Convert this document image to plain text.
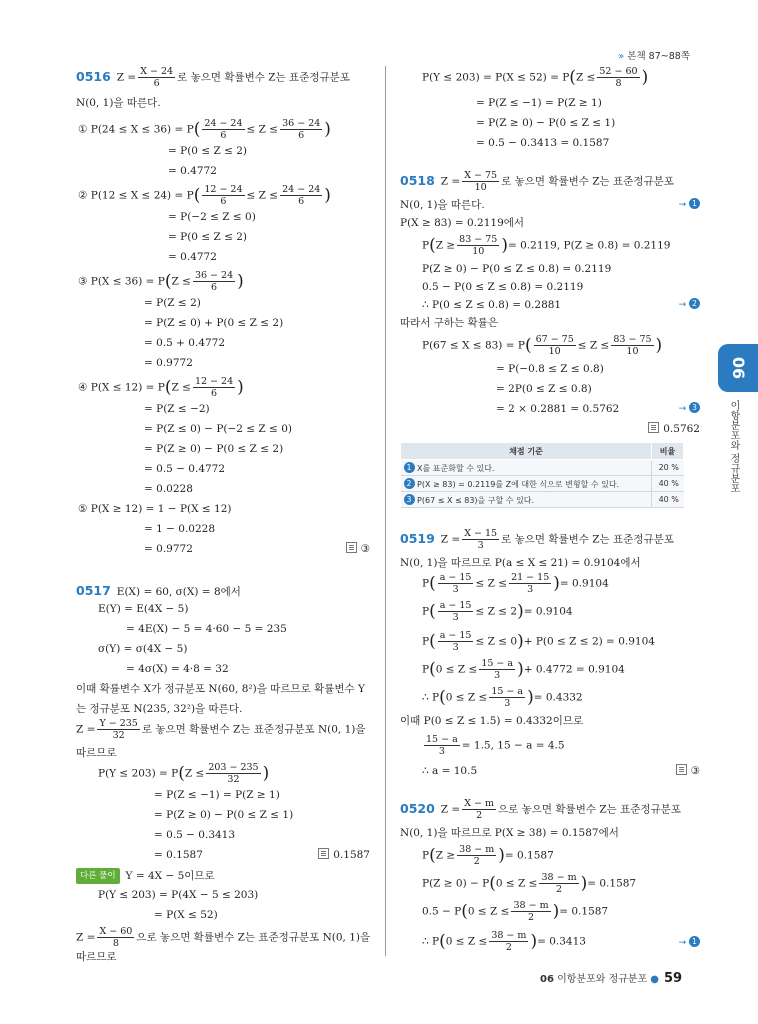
» 본책 87~88쪽
0516 $Z = \frac{X - 24}{6}$ 로 놓으면 확률변수 Z는 표준정규분포
N(0, 1)을 따른다.
① $P(24 \le X \le 36) = P( \frac{24 - 24}{6} \le Z \le \frac{36 - 24}{6}$ )
= P(0 ≤ Z ≤ 2)
= 0.4772
② $P(12 \le X \le 24) = P( \frac{12 - 24}{6} \le Z \le \frac{24 - 24}{6}$ )
= P(−2 ≤ Z ≤ 0)
= P(0 ≤ Z ≤ 2)
= 0.4772
③ $P(X \le 36) = P(Z \le \frac{36 - 24}{6}$ )
= P(Z ≤ 2)
= P(Z ≤ 0) + P(0 ≤ Z ≤ 2)
= 0.5 + 0.4772
= 0.9772
④ $P(X \le 12) = P(Z \le \frac{12 - 24}{6}$ )
= P(Z ≤ −2)
= P(Z ≤ 0) − P(−2 ≤ Z ≤ 0)
= P(Z ≥ 0) − P(0 ≤ Z ≤ 2)
= 0.5 − 0.4772
= 0.0228
⑤ P(X ≥ 12) = 1 − P(X ≤ 12)
= 1 − 0.0228
= 0.9772	③
0517 E(X) = 60, σ(X) = 8에서
E(Y) = E(4X − 5)
= 4E(X) − 5 = 4·60 − 5 = 235
σ(Y) = σ(4X − 5)
= 4σ(X) = 4·8 = 32
이때 확률변수 X가 정규분포 N(60, 8²)을 따르므로 확률변수 Y
는 정규분포 N(235, 32²)을 따른다.
$Z = \frac{Y - 235}{32}$ 로 놓으면 확률변수 Z는 표준정규분포 N(0, 1)을
따르므로
$P(Y \le 203) = P(Z \le \frac{203 - 235}{32}$ )
= P(Z ≤ −1) = P(Z ≥ 1)
= P(Z ≥ 0) − P(0 ≤ Z ≤ 1)
= 0.5 − 0.3413
= 0.1587	0.1587
다른 풀이 Y = 4X − 5이므로
P(Y ≤ 203) = P(4X − 5 ≤ 203)
= P(X ≤ 52)
$Z = \frac{X - 60}{8}$ 으로 놓으면 확률변수 Z는 표준정규분포 N(0, 1)을
따르므로
$P(Y \le 203) = P(X \le 52) = P(Z \le \frac{52 - 60}{8}$ )
= P(Z ≤ −1) = P(Z ≥ 1)
= P(Z ≥ 0) − P(0 ≤ Z ≤ 1)
= 0.5 − 0.3413 = 0.1587
0518 $Z = \frac{X - 75}{10}$ 로 놓으면 확률변수 Z는 표준정규분포
N(0, 1)을 따른다.	→ 1
P(X ≥ 83) = 0.2119에서
$P(Z \ge \frac{83 - 75}{10}$ )= 0.2119, P(Z ≥ 0.8) = 0.2119
P(Z ≥ 0) − P(0 ≤ Z ≤ 0.8) = 0.2119
0.5 − P(0 ≤ Z ≤ 0.8) = 0.2119
∴ P(0 ≤ Z ≤ 0.8) = 0.2881	→ 2
따라서 구하는 확률은
$P(67 \le X \le 83) = P( \frac{67 - 75}{10} \le Z \le \frac{83 - 75}{10}$ )
= P(−0.8 ≤ Z ≤ 0.8)
= 2P(0 ≤ Z ≤ 0.8)
= 2 × 0.2881 = 0.5762	→ 3
0.5762
채점 기준	비율
1 X를 표준화할 수 있다.	20 %
2 P(X ≥ 83) = 0.2119를 Z에 대한 식으로 변형할 수 있다.	40 %
3 P(67 ≤ X ≤ 83)을 구할 수 있다.	40 %
0519 $Z = \frac{X - 15}{3}$ 로 놓으면 확률변수 Z는 표준정규분포
N(0, 1)을 따르므로 P(a ≤ X ≤ 21) = 0.9104에서
$P( \frac{a - 15}{3} \le Z \le \frac{21 - 15}{3}$ )= 0.9104
$P( \frac{a - 15}{3} \le Z \le 2)= 0.9104$
$P( \frac{a - 15}{3} \le Z \le 0)+ P(0 \le Z \le 2) = 0.9104$
$P(0 \le Z \le \frac{15 - a}{3}$ )+ 0.4772 = 0.9104
∴ $P(0 \le Z \le \frac{15 - a}{3}$ )= 0.4332
이때 P(0 ≤ Z ≤ 1.5) = 0.4332이므로
$\frac{15 - a}{3} = 1.5$, 15 − a = 4.5
∴ a = 10.5	③
0520 $Z = \frac{X - m}{2}$ 으로 놓으면 확률변수 Z는 표준정규분포
N(0, 1)을 따르므로 P(X ≥ 38) = 0.1587에서
$P(Z \ge \frac{38 - m}{2}$ )= 0.1587
$P(Z \ge 0) - P(0 \le Z \le \frac{38 - m}{2}$ )= 0.1587
$0.5 - P(0 \le Z \le \frac{38 - m}{2}$ )= 0.1587
∴ $P(0 \le Z \le \frac{38 - m}{2}$ )= 0.3413	→ 1
06
이항분포와 정규분포
06 이항분포와 정규분포 ● 59
